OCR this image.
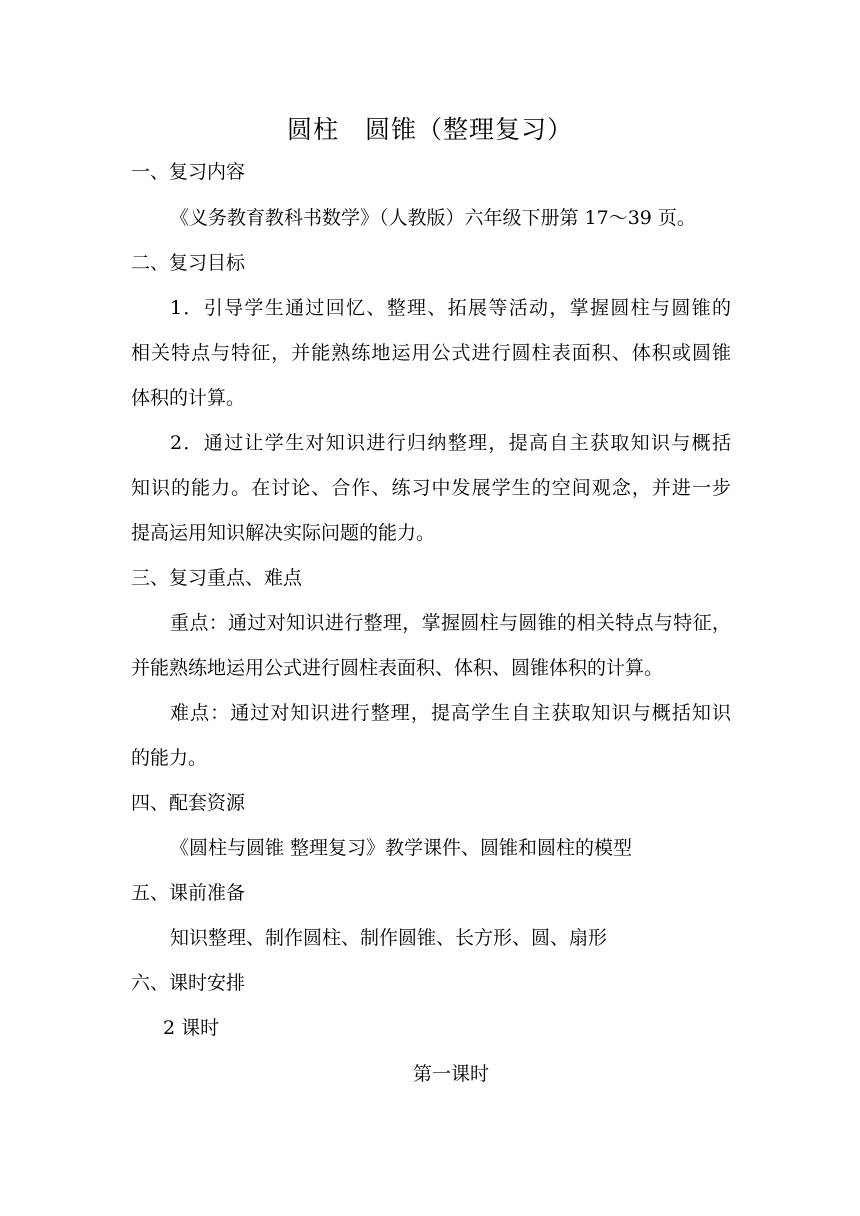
圆柱　圆锥（整理复习）
一、复习内容
《义务教育教科书数学》（人教版）六年级下册第 17～39 页。
二、复习目标
1．引导学生通过回忆、整理、拓展等活动，掌握圆柱与圆锥的
相关特点与特征，并能熟练地运用公式进行圆柱表面积、体积或圆锥
体积的计算。
2．通过让学生对知识进行归纳整理，提高自主获取知识与概括
知识的能力。在讨论、合作、练习中发展学生的空间观念，并进一步
提高运用知识解决实际问题的能力。
三、复习重点、难点
重点：通过对知识进行整理，掌握圆柱与圆锥的相关特点与特征，
并能熟练地运用公式进行圆柱表面积、体积、圆锥体积的计算。
难点：通过对知识进行整理，提高学生自主获取知识与概括知识
的能力。
四、配套资源
《圆柱与圆锥 整理复习》教学课件、圆锥和圆柱的模型
五、课前准备
知识整理、制作圆柱、制作圆锥、长方形、圆、扇形
六、课时安排
2 课时
第一课时
